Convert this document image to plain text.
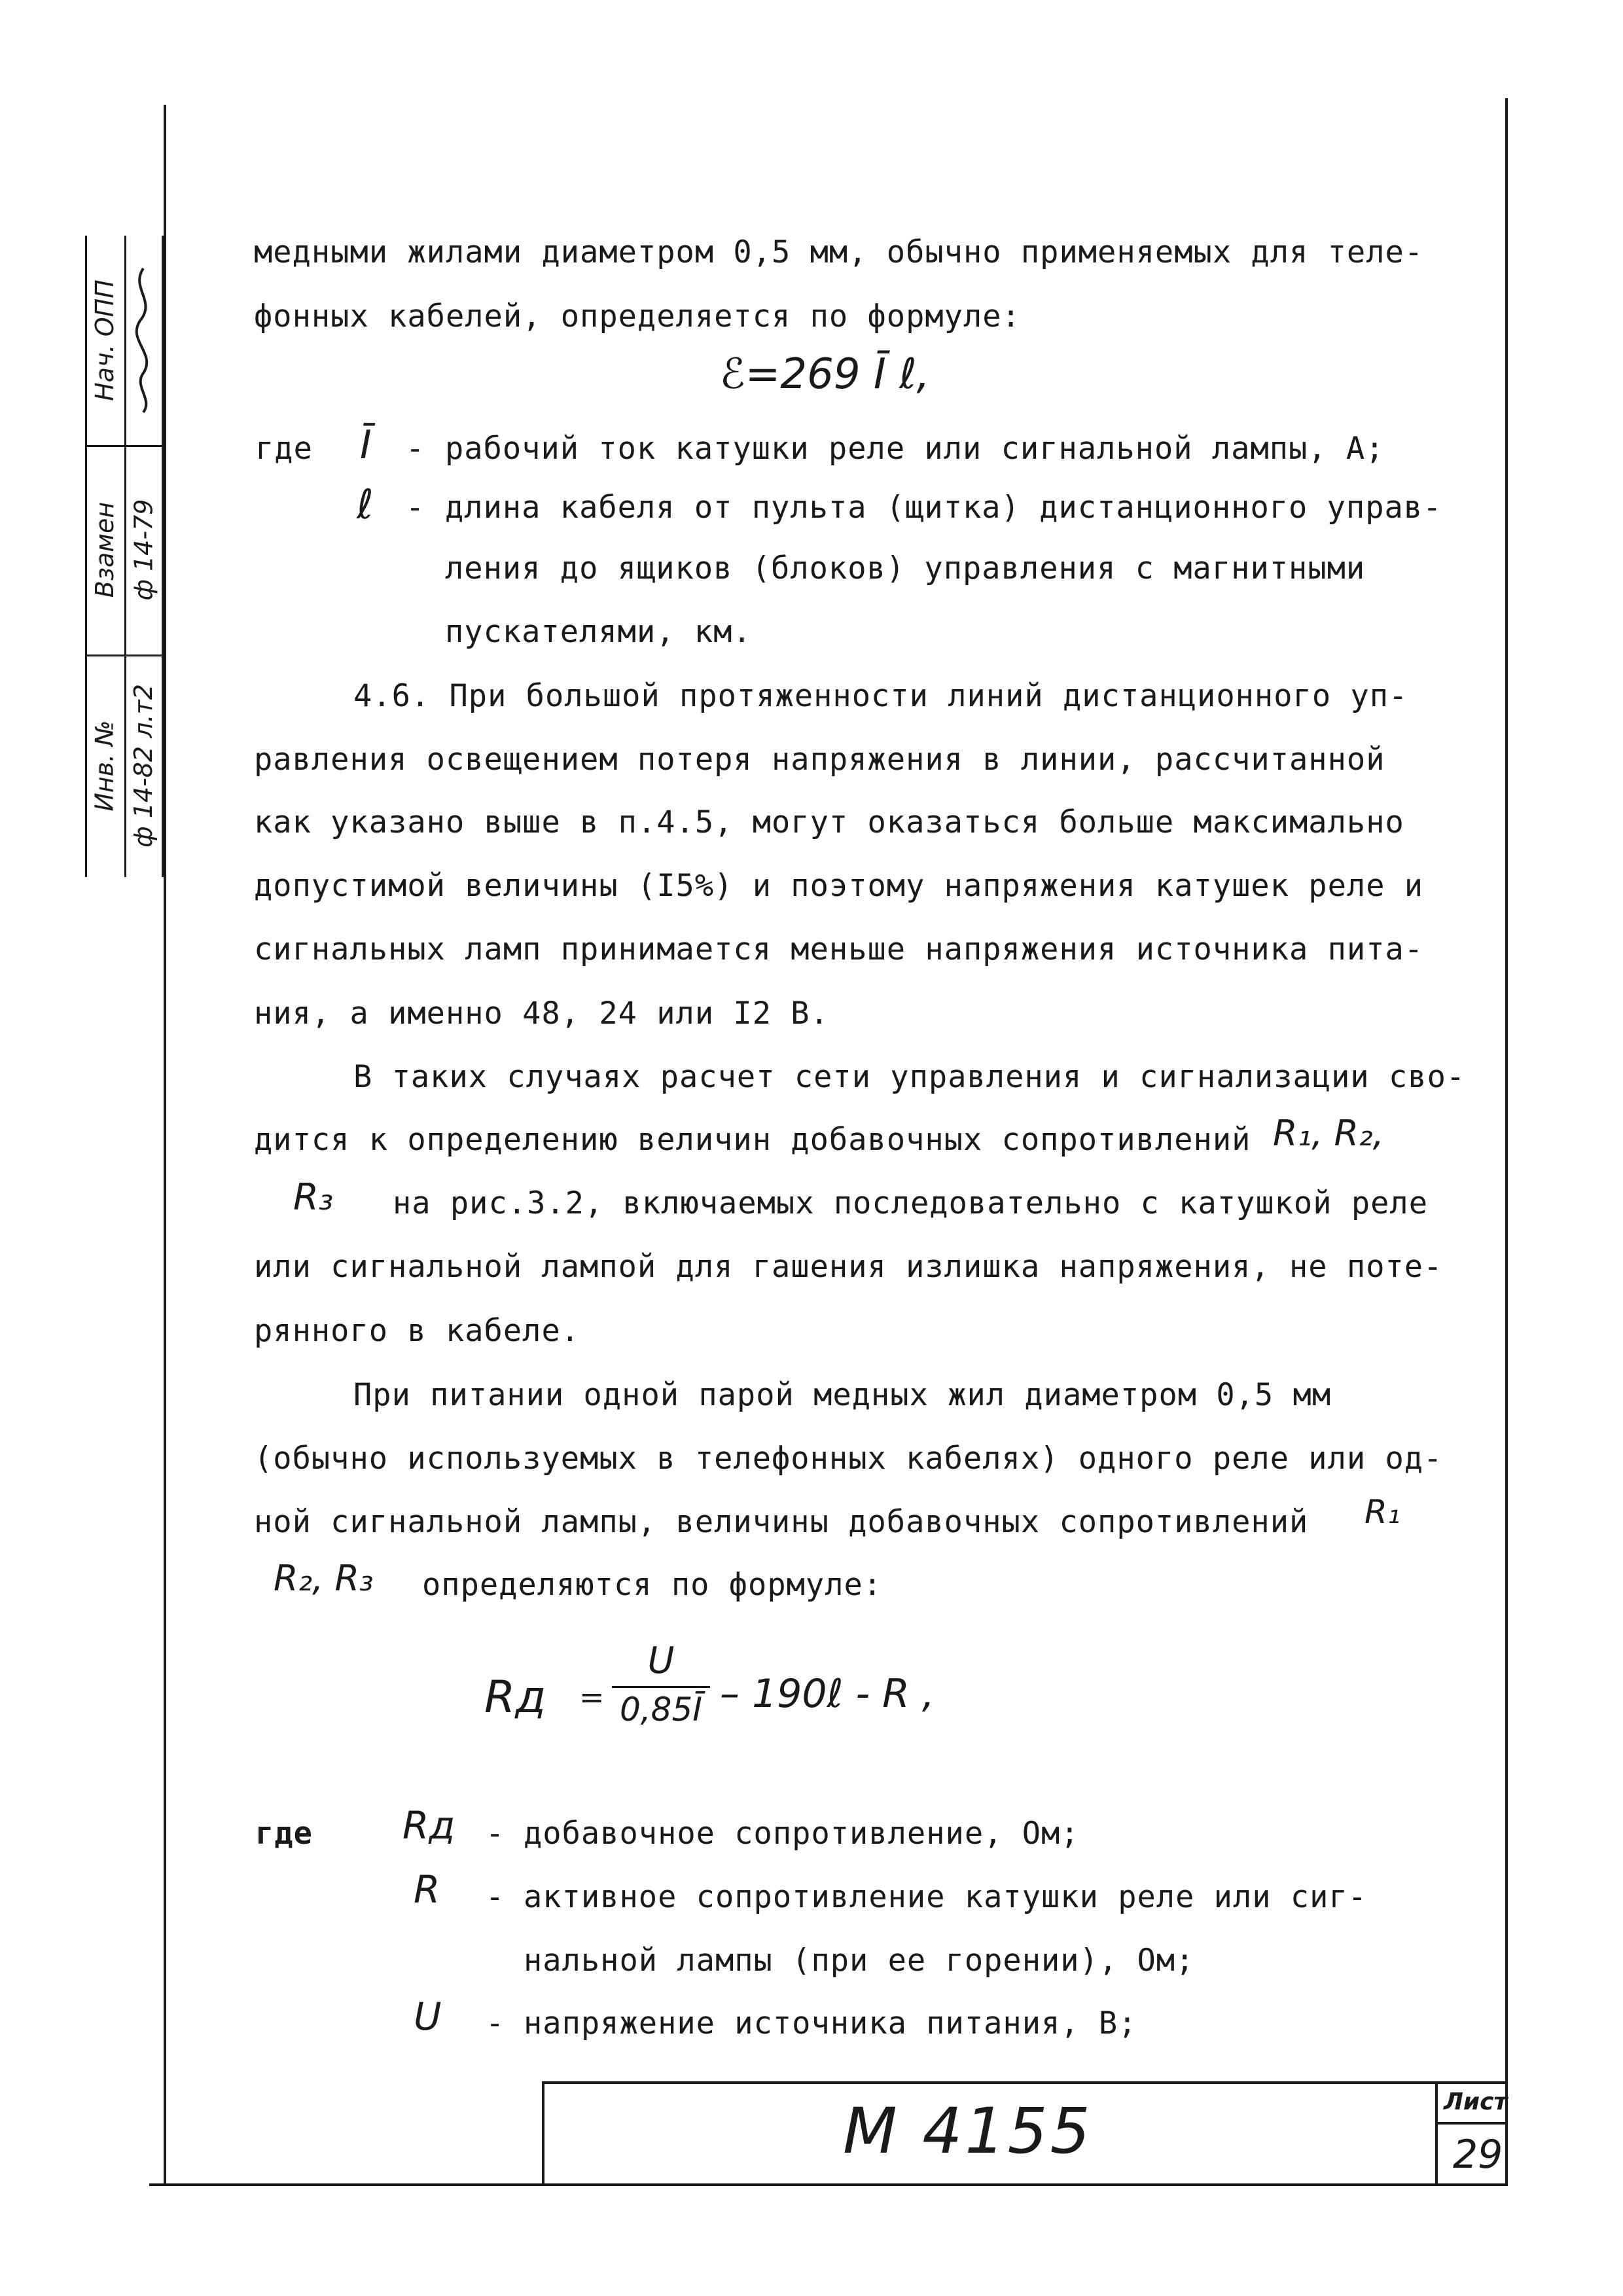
Инв. №
Взамен
Нач. ОПП
ф 14-82 л.т2
ф 14-79
медными жилами диаметром 0,5 мм, обычно применяемых для теле-
фонных кабелей, определяется по формуле:
ℰ=269 Ī ℓ,
где Ī - рабочий ток катушки реле или сигнальной лампы, А;
ℓ - длина кабеля от пульта (щитка) дистанционного управ-
ления до ящиков (блоков) управления с магнитными
пускателями, км.
4.6. При большой протяженности линий дистанционного уп-
равления освещением потеря напряжения в линии, рассчитанной
как указано выше в п.4.5, могут оказаться больше максимально
допустимой величины (I5%) и поэтому напряжения катушек реле и
сигнальных ламп принимается меньше напряжения источника пита-
ния, а именно 48, 24 или I2 В.
В таких случаях расчет сети управления и сигнализации сво-
дится к определению величин добавочных сопротивлений R₁, R₂,
R₃ на рис.3.2, включаемых последовательно с катушкой реле
или сигнальной лампой для гашения излишка напряжения, не поте-
рянного в кабеле.
При питании одной парой медных жил диаметром 0,5 мм
(обычно используемых в телефонных кабелях) одного реле или од-
ной сигнальной лампы, величины добавочных сопротивлений R₁
R₂, R₃ определяются по формуле:
Rд =
U
0,85Ī – 190ℓ - R ,
где Rд - добавочное сопротивление, Ом;
R - активное сопротивление катушки реле или сиг-
нальной лампы (при ее горении), Ом;
U - напряжение источника питания, В;
М 4155	Лист
29
